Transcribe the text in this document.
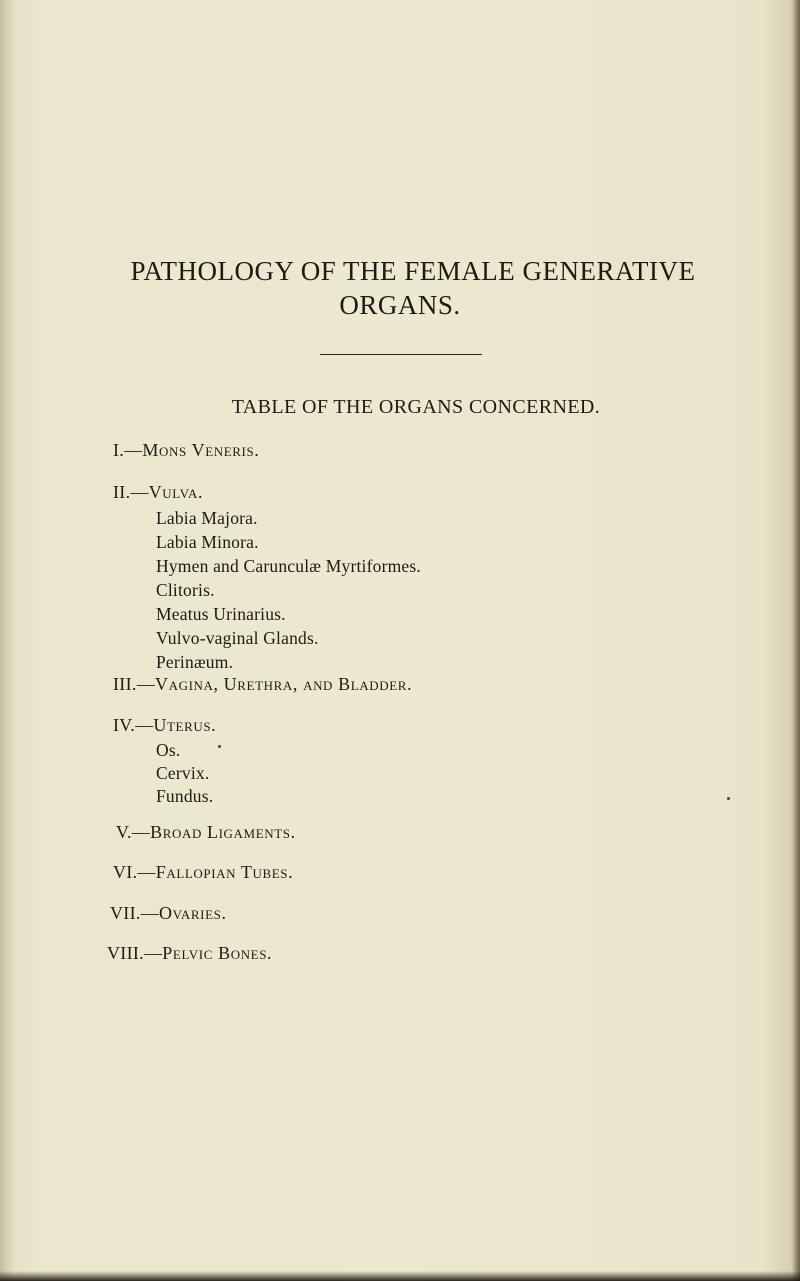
PATHOLOGY OF THE FEMALE GENERATIVE
ORGANS.
TABLE OF THE ORGANS CONCERNED.
I.—Mons Veneris.
II.—Vulva.
Labia Majora.
Labia Minora.
Hymen and Carunculæ Myrtiformes.
Clitoris.
Meatus Urinarius.
Vulvo-vaginal Glands.
Perinæum.
III.—Vagina, Urethra, and Bladder.
IV.—Uterus.
Os.
Cervix.
Fundus.
V.—Broad Ligaments.
VI.—Fallopian Tubes.
VII.—Ovaries.
VIII.—Pelvic Bones.
